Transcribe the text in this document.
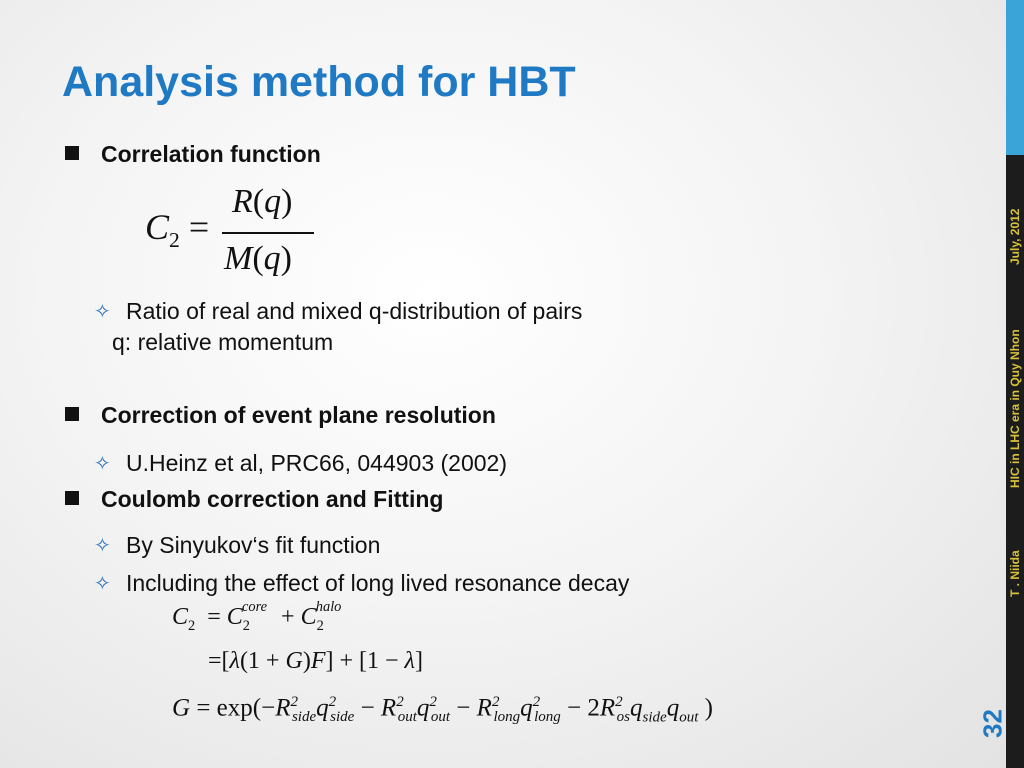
Analysis method for HBT
Correlation function
$C_2$ =
R(q)
M(q)
✧ Ratio of real and mixed q-distribution of pairs
q: relative momentum
Correction of event plane resolution
✧ U.Heinz et al, PRC66, 044903 (2002)
Coulomb correction and Fitting
✧ By Sinyukov‘s fit function
✧ Including the effect of long lived resonance decay
$C_2 = C_2^{core} + C_2^{halo}$
=[λ(1 + G)F] + [1 − λ]
$G = \exp(-R^2_{side}q^2_{side} - R^2_{out}q^2_{out} - R^2_{long}q^2_{long} - 2R^2_{os}q_{side}q_{out}$ )
July, 2012
HIC in LHC era in Quy Nhon
T . Niida
32
